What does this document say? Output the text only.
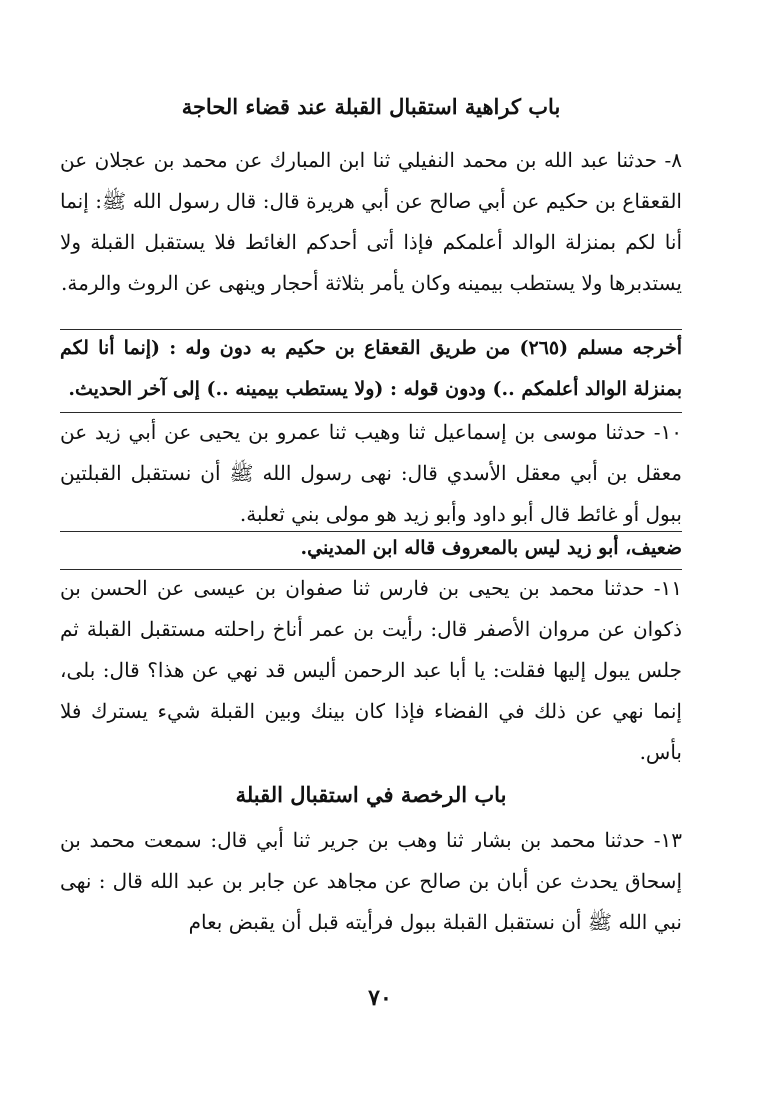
باب كراهية استقبال القبلة عند قضاء الحاجة
٨- حدثنا عبد الله بن محمد النفيلي ثنا ابن المبارك عن محمد بن عجلان عن القعقاع بن حكيم عن أبي صالح عن أبي هريرة قال: قال رسول الله ﷺ: إنما أنا لكم بمنزلة الوالد أعلمكم فإذا أتى أحدكم الغائط فلا يستقبل القبلة ولا يستدبرها ولا يستطب بيمينه وكان يأمر بثلاثة أحجار وينهى عن الروث والرمة.
أخرجه مسلم (٢٦٥) من طريق القعقاع بن حكيم به دون وله : (إنما أنا لكم بمنزلة الوالد أعلمكم ..) ودون قوله : (ولا يستطب بيمينه ..) إلى آخر الحديث.
١٠- حدثنا موسى بن إسماعيل ثنا وهيب ثنا عمرو بن يحيى عن أبي زيد عن معقل بن أبي معقل الأسدي قال: نهى رسول الله ﷺ أن نستقبل القبلتين ببول أو غائط قال أبو داود وأبو زيد هو مولى بني ثعلبة.
ضعيف، أبو زيد ليس بالمعروف قاله ابن المديني.
١١- حدثنا محمد بن يحيى بن فارس ثنا صفوان بن عيسى عن الحسن بن ذكوان عن مروان الأصفر قال: رأيت بن عمر أناخ راحلته مستقبل القبلة ثم جلس يبول إليها فقلت: يا أبا عبد الرحمن أليس قد نهي عن هذا؟ قال: بلى، إنما نهي عن ذلك في الفضاء فإذا كان بينك وبين القبلة شيء يسترك فلا بأس.
باب الرخصة في استقبال القبلة
١٣- حدثنا محمد بن بشار ثنا وهب بن جرير ثنا أبي قال: سمعت محمد بن إسحاق يحدث عن أبان بن صالح عن مجاهد عن جابر بن عبد الله قال : نهى نبي الله ﷺ أن نستقبل القبلة ببول فرأيته قبل أن يقبض بعام
٧٠
